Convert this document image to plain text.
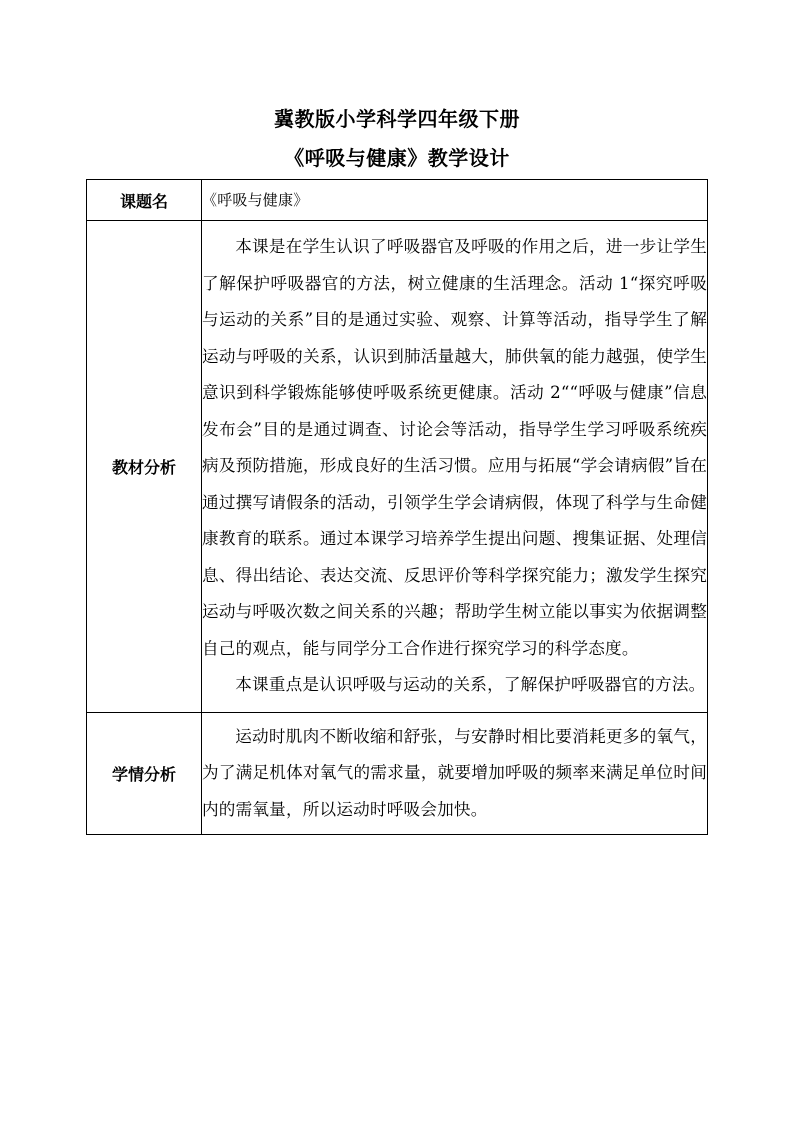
冀教版小学科学四年级下册
《呼吸与健康》教学设计
课题名	《呼吸与健康》
教材分析	本课是在学生认识了呼吸器官及呼吸的作用之后，进一步让学生了解保护呼吸器官的方法，树立健康的生活理念。活动 1“探究呼吸与运动的关系”目的是通过实验、观察、计算等活动，指导学生了解运动与呼吸的关系，认识到肺活量越大，肺供氧的能力越强，使学生意识到科学锻炼能够使呼吸系统更健康。活动 2““呼吸与健康”信息发布会”目的是通过调查、讨论会等活动，指导学生学习呼吸系统疾病及预防措施，形成良好的生活习惯。应用与拓展“学会请病假”旨在通过撰写请假条的活动，引领学生学会请病假，体现了科学与生命健康教育的联系。通过本课学习培养学生提出问题、搜集证据、处理信息、得出结论、表达交流、反思评价等科学探究能力；激发学生探究运动与呼吸次数之间关系的兴趣；帮助学生树立能以事实为依据调整自己的观点，能与同学分工合作进行探究学习的科学态度。

本课重点是认识呼吸与运动的关系，了解保护呼吸器官的方法。

学情分析	运动时肌肉不断收缩和舒张，与安静时相比要消耗更多的氧气，为了满足机体对氧气的需求量，就要增加呼吸的频率来满足单位时间内的需氧量，所以运动时呼吸会加快。
